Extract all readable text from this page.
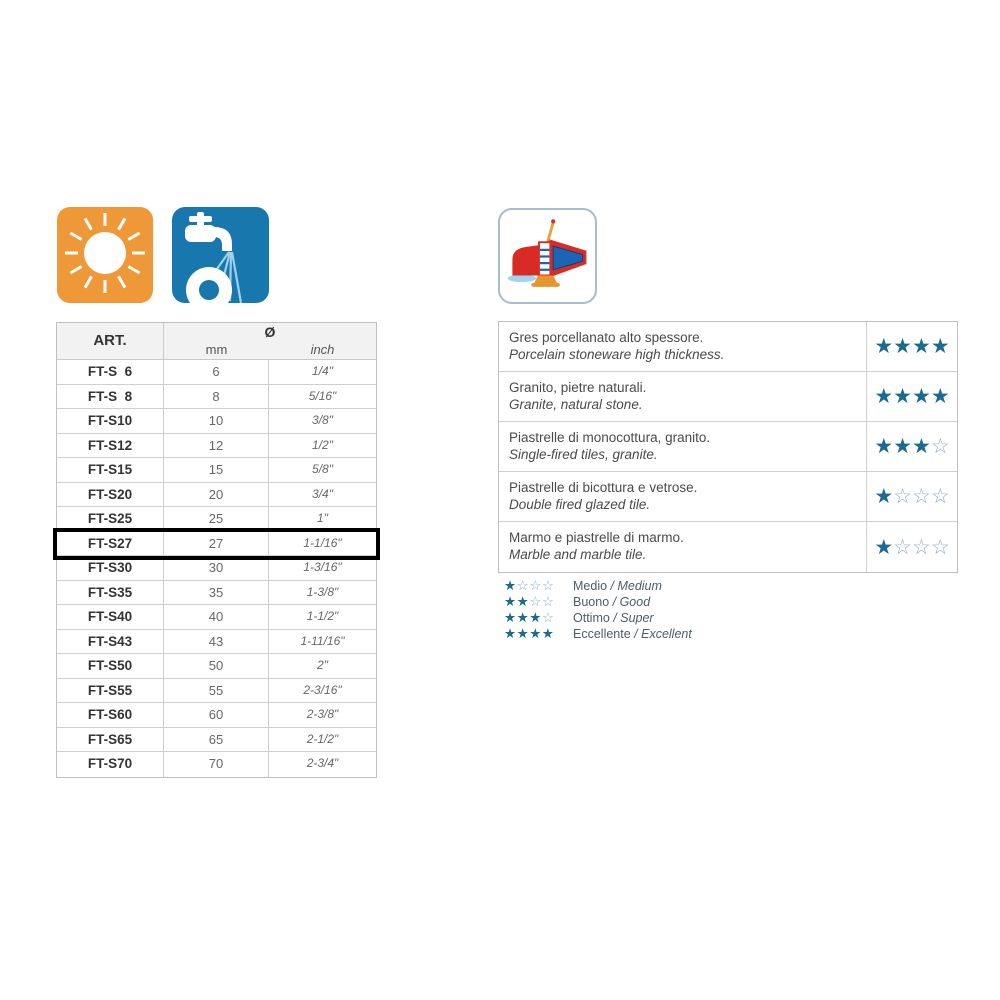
ART.	Ø
mm	inch
FT-S  6	6	1/4"
FT-S  8	8	5/16"
FT-S10	10	3/8"
FT-S12	12	1/2"
FT-S15	15	5/8"
FT-S20	20	3/4"
FT-S25	25	1"
FT-S27	27	1-1/16"
FT-S30	30	1-3/16"
FT-S35	35	1-3/8"
FT-S40	40	1-1/2"
FT-S43	43	1-11/16"
FT-S50	50	2"
FT-S55	55	2-3/16"
FT-S60	60	2-3/8"
FT-S65	65	2-1/2"
FT-S70	70	2-3/4"
Gres porcellanato alto spessore.
Porcelain stoneware high thickness.	★★★★
Granito, pietre naturali.
Granite, natural stone.	★★★★
Piastrelle di monocottura, granito.
Single-fired tiles, granite.	★★★ ☆
Piastrelle di bicottura e vetrose.
Double fired glazed tile.	★ ☆☆☆
Marmo e piastrelle di marmo.
Marble and marble tile.	★ ☆☆☆
★☆☆☆	Medio / Medium
★★☆☆	Buono / Good
★★★☆	Ottimo / Super
★★★★	Eccellente / Excellent
